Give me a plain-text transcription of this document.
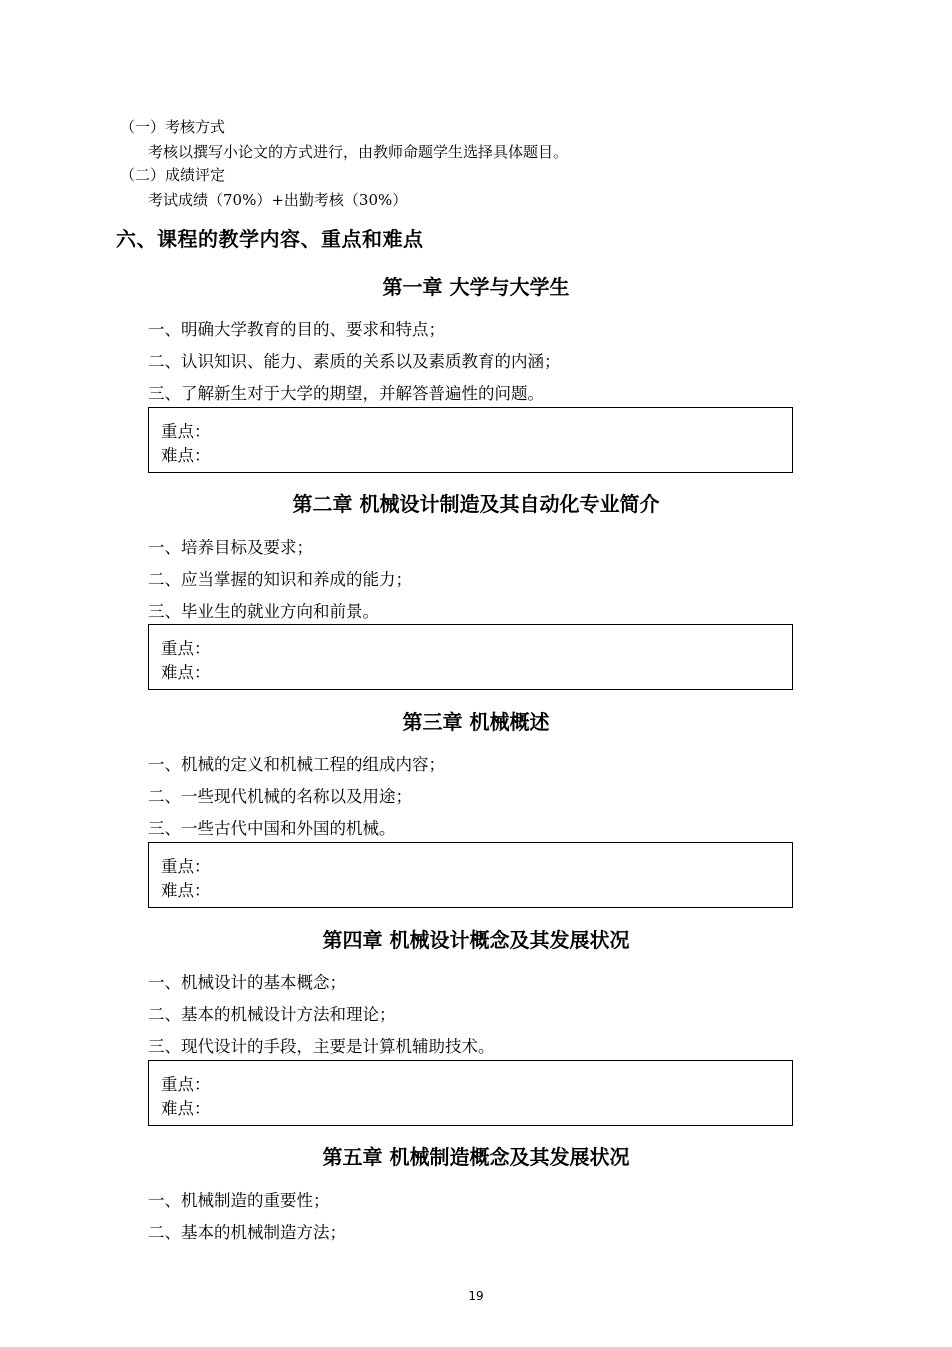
（一）考核方式
考核以撰写小论文的方式进行，由教师命题学生选择具体题目。
（二）成绩评定
考试成绩（70%）+出勤考核（30%）
六、课程的教学内容、重点和难点
第一章 大学与大学生
一、明确大学教育的目的、要求和特点；
二、认识知识、能力、素质的关系以及素质教育的内涵；
三、了解新生对于大学的期望，并解答普遍性的问题。
重点：
难点：
第二章 机械设计制造及其自动化专业简介
一、培养目标及要求；
二、应当掌握的知识和养成的能力；
三、毕业生的就业方向和前景。
重点：
难点：
第三章 机械概述
一、机械的定义和机械工程的组成内容；
二、一些现代机械的名称以及用途；
三、一些古代中国和外国的机械。
重点：
难点：
第四章 机械设计概念及其发展状况
一、机械设计的基本概念；
二、基本的机械设计方法和理论；
三、现代设计的手段，主要是计算机辅助技术。
重点：
难点：
第五章 机械制造概念及其发展状况
一、机械制造的重要性；
二、基本的机械制造方法；
19
